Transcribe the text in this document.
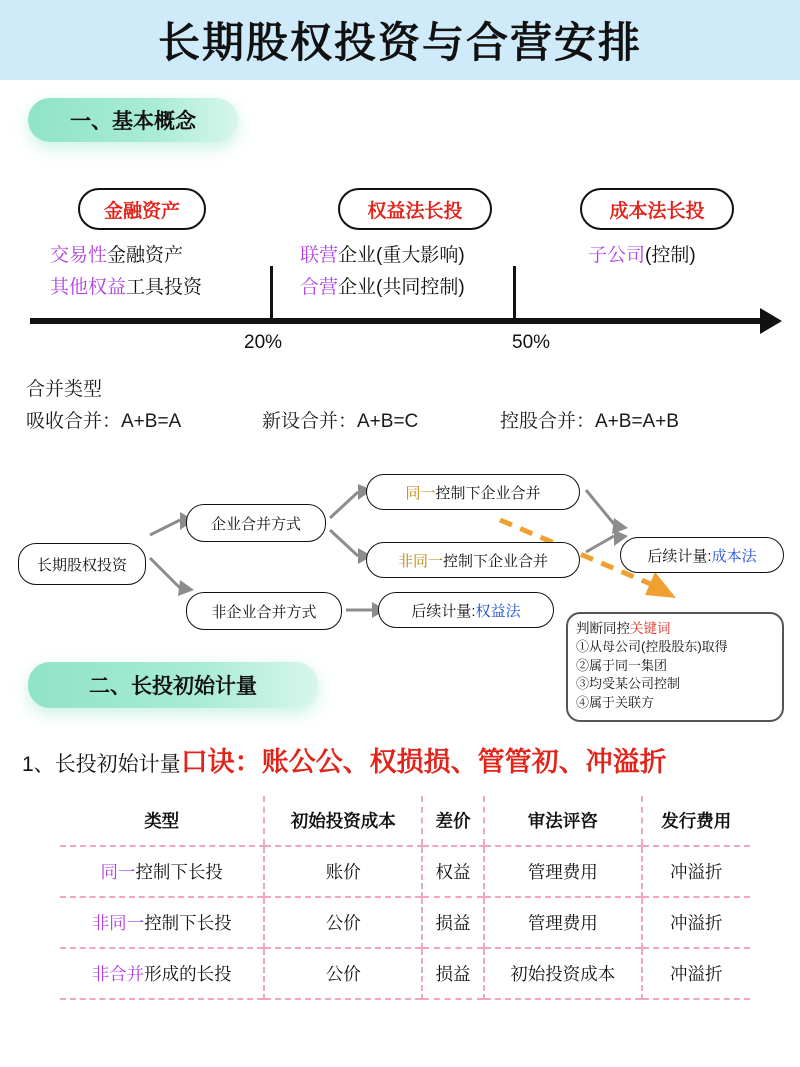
长期股权投资与合营安排
一、基本概念
金融资产	权益法长投	成本法长投
交易性金融资产
其他权益工具投资
联营企业(重大影响)
合营企业(共同控制)
子公司(控制)
20%	50%
合并类型
吸收合并：A+B=A	新设合并：A+B=C	控股合并：A+B=A+B
长期股权投资
企业合并方式
非企业合并方式
同一 控制下企业合并
非同一 控制下企业合并	后续计量: 成本法
后续计量: 权益法
判断同控关键词
①从母公司(控股股东)取得
②属于同一集团
③均受某公司控制
④属于关联方
二、长投初始计量
1、长投初始计量口诀：账公公、权损损、管管初、冲溢折
类型	初始投资成本	差价	审法评咨	发行费用
同一控制下长投	账价	权益	管理费用	冲溢折
非同一控制下长投	公价	损益	管理费用	冲溢折
非合并形成的长投	公价	损益	初始投资成本	冲溢折
